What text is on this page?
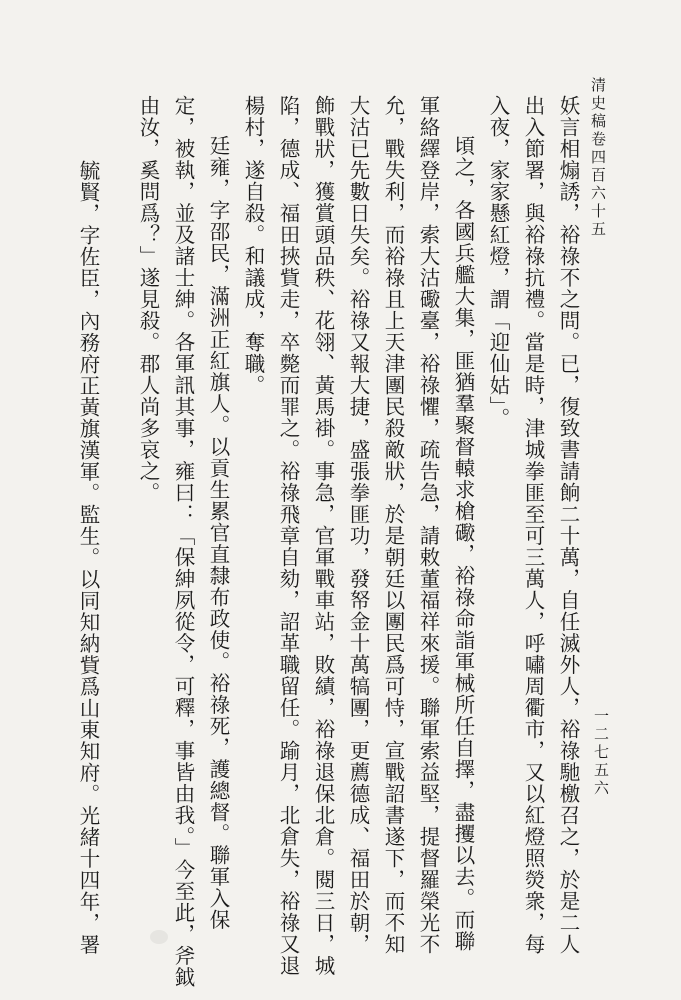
清史稿卷四百六十五
一二七五六
妖言相煽誘，裕祿不之問。已，復致書請餉二十萬，自任滅外人，裕祿馳檄召之，於是二人
出入節署，與裕祿抗禮。當是時，津城拳匪至可三萬人，呼嘯周衢市，又以紅燈照熒衆，每
入夜，家家懸紅燈，謂「迎仙姑」。
頃之，各國兵艦大集，匪猶羣聚督轅求槍礮，裕祿命詣軍械所任自擇，盡攫以去。而聯
軍絡繹登岸，索大沽礮臺，裕祿懼，疏告急，請敕董福祥來援。聯軍索益堅，提督羅榮光不
允，戰失利，而裕祿且上天津團民殺敵狀，於是朝廷以團民爲可恃，宣戰詔書遂下，而不知
大沽已先數日失矣。裕祿又報大捷，盛張拳匪功，發帑金十萬犒團，更薦德成、福田於朝，
飾戰狀，獲賞頭品秩、花翎、黃馬褂。事急，官軍戰車站，敗績，裕祿退保北倉。閱三日，城
陷，德成、福田挾貲走，卒斃而罪之。裕祿飛章自劾，詔革職留任。踰月，北倉失，裕祿又退
楊村，遂自殺。和議成，奪職。
廷雍，字邵民，滿洲正紅旗人。以貢生累官直隸布政使。裕祿死，護總督。聯軍入保
定，被執，並及諸士紳。各軍訊其事，雍曰：「保紳夙從令，可釋，事皆由我。」今至此，斧鉞
由汝，奚問爲？」遂見殺。郡人尚多哀之。
毓賢，字佐臣，內務府正黃旗漢軍。監生。以同知納貲爲山東知府。光緒十四年，署
